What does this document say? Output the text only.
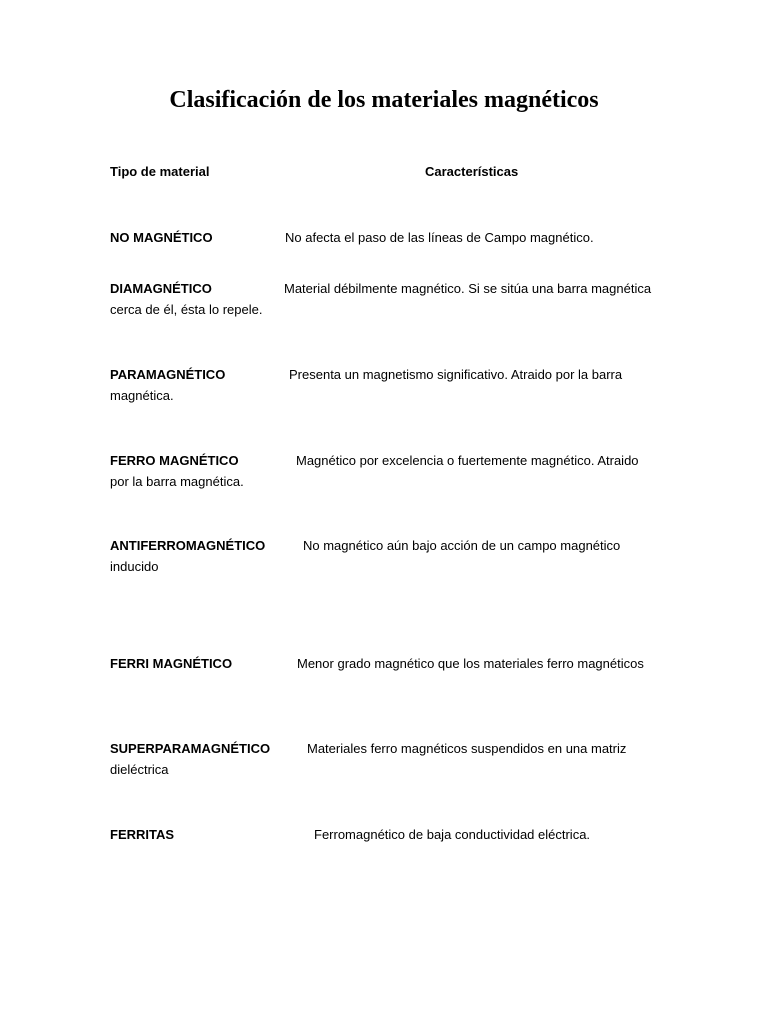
Clasificación de los materiales magnéticos
Tipo de material	Características

NO MAGNÉTICO	No afecta el paso de las líneas de Campo magnético.

DIAMAGNÉTICO	Material débilmente magnético. Si se sitúa una barra magnética cerca de él, ésta lo repele.

PARAMAGNÉTICO	Presenta un magnetismo significativo. Atraido por la barra magnética.

FERRO MAGNÉTICO	Magnético por excelencia o fuertemente magnético. Atraido por la barra magnética.

ANTIFERROMAGNÉTICO	No magnético aún bajo acción de un campo magnético inducido

FERRI MAGNÉTICO	Menor grado magnético que los materiales ferro magnéticos

SUPERPARAMAGNÉTICO	Materiales ferro magnéticos suspendidos en una matriz dieléctrica

FERRITAS	Ferromagnético de baja conductividad eléctrica.
